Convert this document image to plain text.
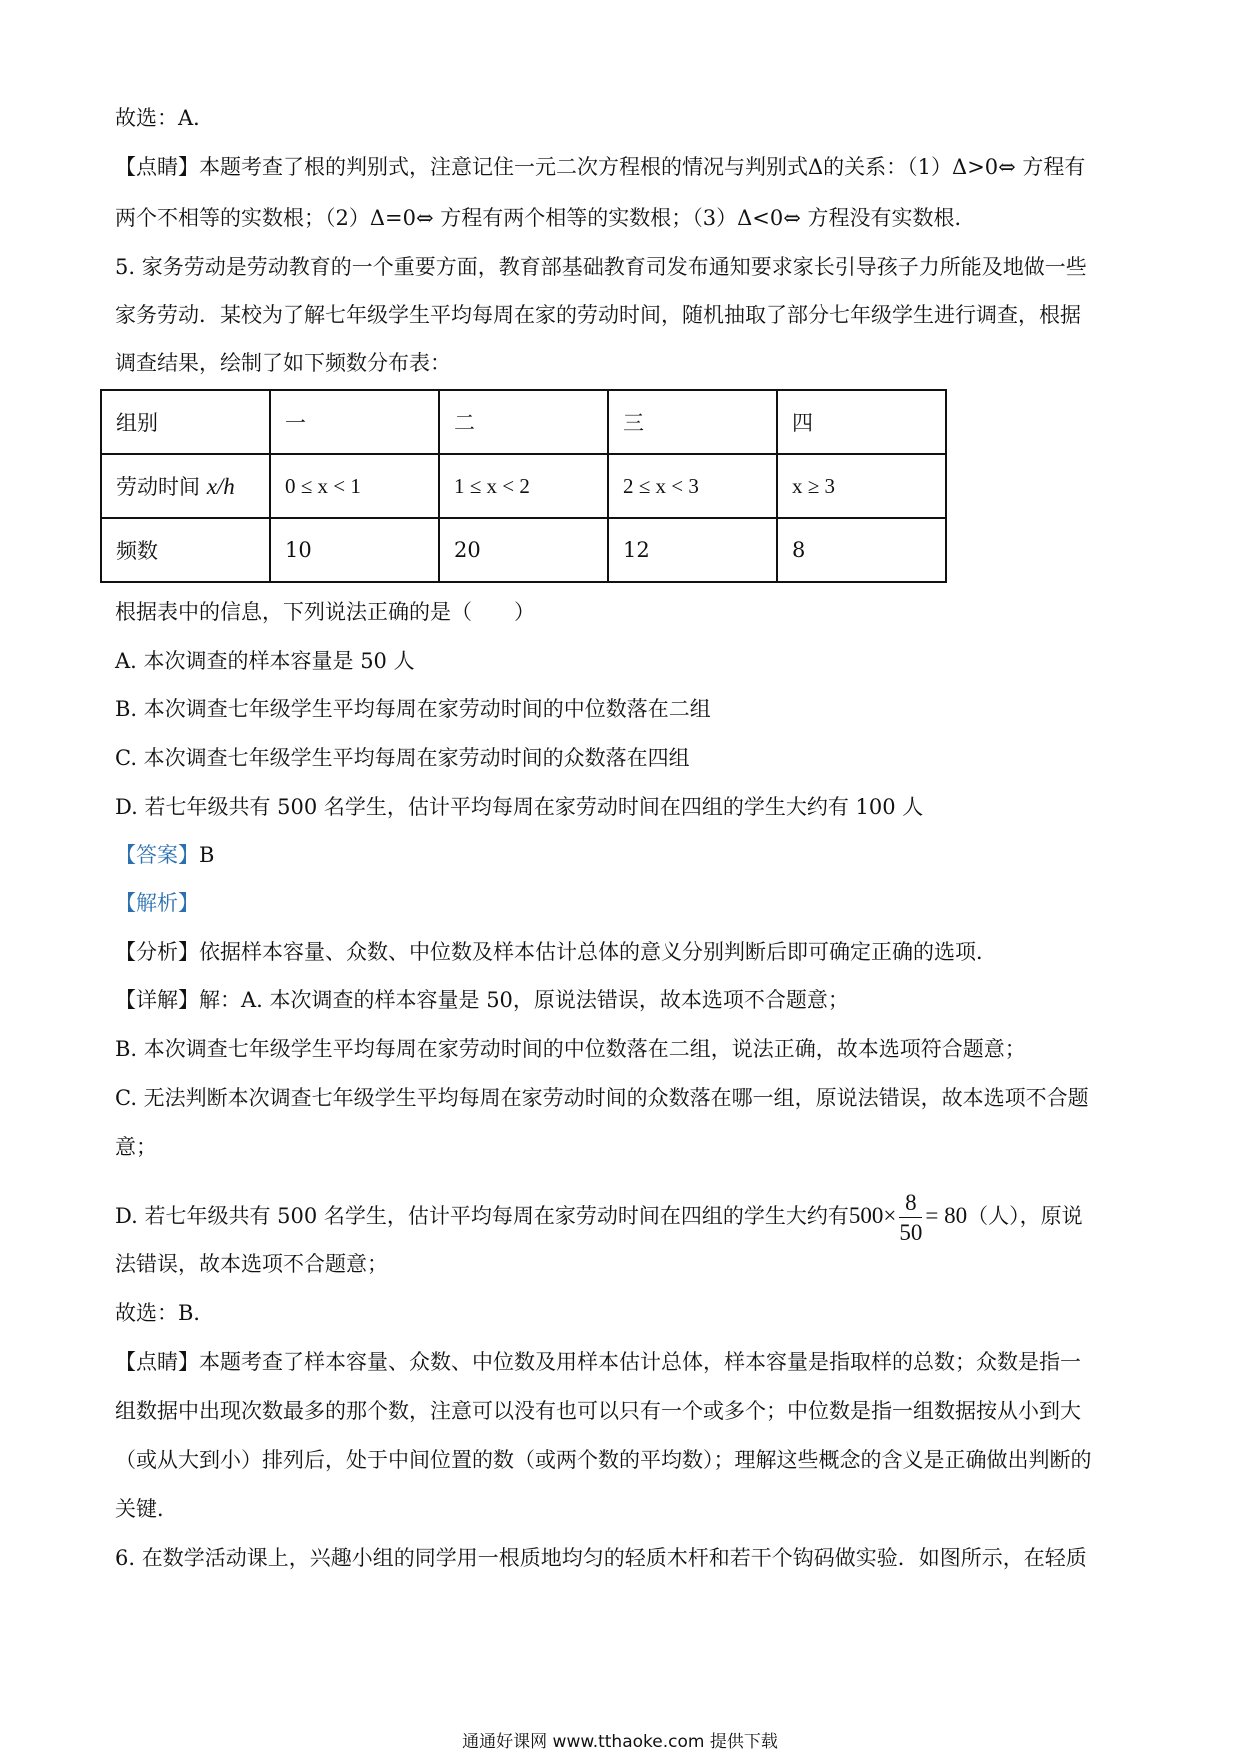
故选：A．
【点睛】本题考查了根的判别式，注意记住一元二次方程根的情况与判别式Δ的关系：（1）Δ>0⇔ 方程有
两个不相等的实数根；（2）Δ=0⇔ 方程有两个相等的实数根；（3）Δ<0⇔ 方程没有实数根．
5. 家务劳动是劳动教育的一个重要方面，教育部基础教育司发布通知要求家长引导孩子力所能及地做一些
家务劳动．某校为了解七年级学生平均每周在家的劳动时间，随机抽取了部分七年级学生进行调查，根据
调查结果，绘制了如下频数分布表：
组别	一	二	三	四
劳动时间 x/h	0 ≤ x < 1	1 ≤ x < 2	2 ≤ x < 3	x ≥ 3
频数	10	20	12	8
根据表中的信息，下列说法正确的是（　　）
A. 本次调查的样本容量是 50 人
B. 本次调查七年级学生平均每周在家劳动时间的中位数落在二组
C. 本次调查七年级学生平均每周在家劳动时间的众数落在四组
D. 若七年级共有 500 名学生，估计平均每周在家劳动时间在四组的学生大约有 100 人
【答案】B
【解析】
【分析】依据样本容量、众数、中位数及样本估计总体的意义分别判断后即可确定正确的选项．
【详解】解：A. 本次调查的样本容量是 50，原说法错误，故本选项不合题意；
B. 本次调查七年级学生平均每周在家劳动时间的中位数落在二组，说法正确，故本选项符合题意；
C. 无法判断本次调查七年级学生平均每周在家劳动时间的众数落在哪一组，原说法错误，故本选项不合题
意；
D. 若七年级共有 500 名学生，估计平均每周在家劳动时间在四组的学生大约有$500\times \frac{8}{50} = 80$（人），原说
法错误，故本选项不合题意；
故选：B．
【点睛】本题考查了样本容量、众数、中位数及用样本估计总体，样本容量是指取样的总数；众数是指一
组数据中出现次数最多的那个数，注意可以没有也可以只有一个或多个；中位数是指一组数据按从小到大
（或从大到小）排列后，处于中间位置的数（或两个数的平均数）；理解这些概念的含义是正确做出判断的
关键．
6. 在数学活动课上，兴趣小组的同学用一根质地均匀的轻质木杆和若干个钩码做实验．如图所示，在轻质
通通好课网 www.tthaoke.com 提供下载
